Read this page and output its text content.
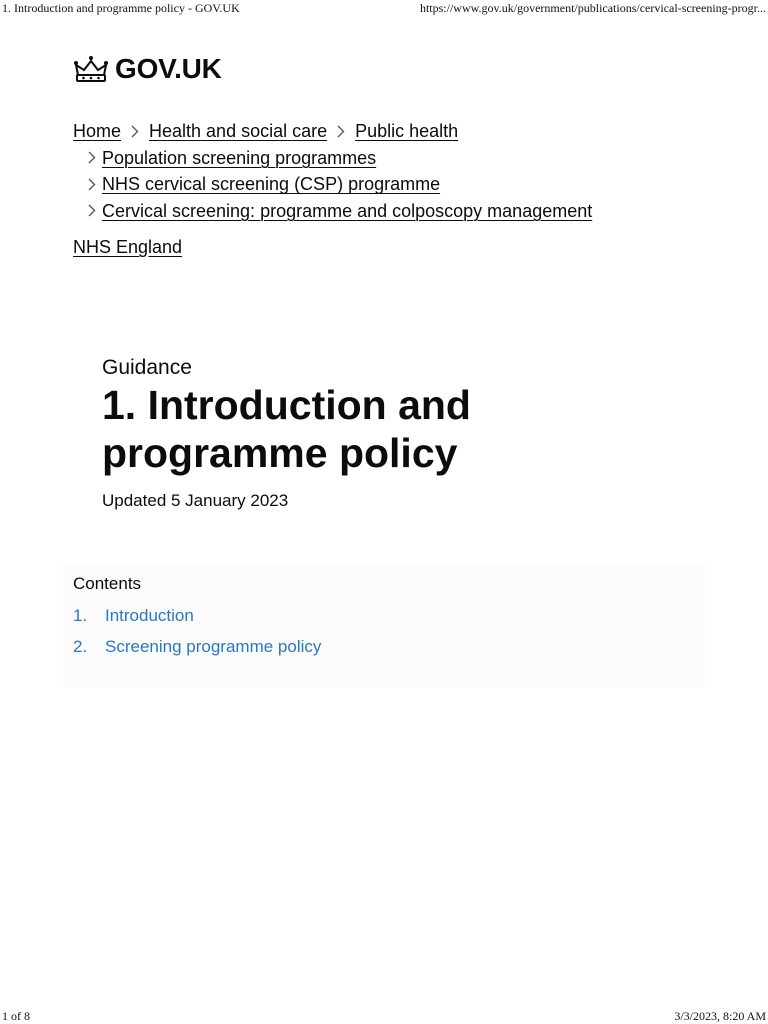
1. Introduction and programme policy - GOV.UK	https://www.gov.uk/government/publications/cervical-screening-progr...
GOV.UK
Home Health and social care Public health
Population screening programmes
NHS cervical screening (CSP) programme
Cervical screening: programme and colposcopy management
NHS England
Guidance
1. Introduction and programme policy
Updated 5 January 2023
Contents
1.	Introduction
2.	Screening programme policy
1 of 8	3/3/2023, 8:20 AM
